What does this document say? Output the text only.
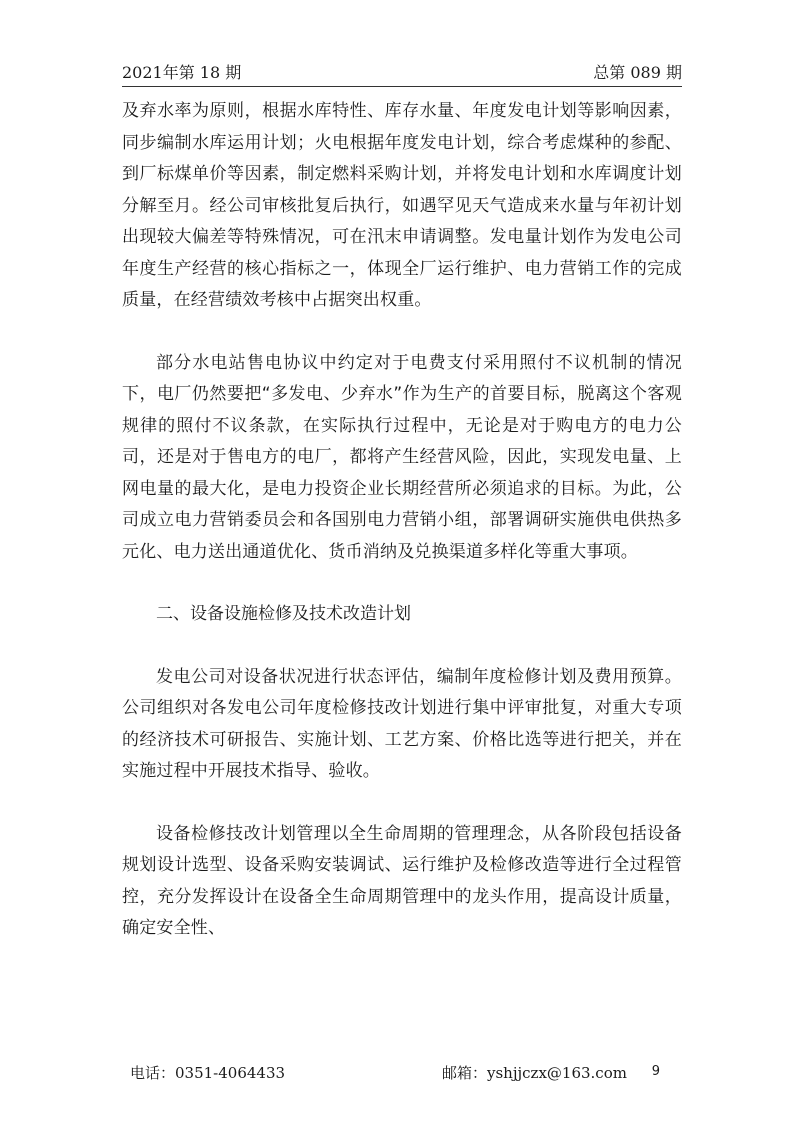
2021年第 18 期	总第 089 期

及弃水率为原则，根据水库特性、库存水量、年度发电计划等影响因素，同步编制水库运用计划；火电根据年度发电计划，综合考虑煤种的参配、到厂标煤单价等因素，制定燃料采购计划，并将发电计划和水库调度计划分解至月。经公司审核批复后执行，如遇罕见天气造成来水量与年初计划出现较大偏差等特殊情况，可在汛末申请调整。发电量计划作为发电公司年度生产经营的核心指标之一，体现全厂运行维护、电力营销工作的完成质量，在经营绩效考核中占据突出权重。

部分水电站售电协议中约定对于电费支付采用照付不议机制的情况下，电厂仍然要把“多发电、少弃水”作为生产的首要目标，脱离这个客观规律的照付不议条款，在实际执行过程中，无论是对于购电方的电力公司，还是对于售电方的电厂，都将产生经营风险，因此，实现发电量、上网电量的最大化，是电力投资企业长期经营所必须追求的目标。为此，公司成立电力营销委员会和各国别电力营销小组，部署调研实施供电供热多元化、电力送出通道优化、货币消纳及兑换渠道多样化等重大事项。

二、设备设施检修及技术改造计划

发电公司对设备状况进行状态评估，编制年度检修计划及费用预算。公司组织对各发电公司年度检修技改计划进行集中评审批复，对重大专项的经济技术可研报告、实施计划、工艺方案、价格比选等进行把关，并在实施过程中开展技术指导、验收。

设备检修技改计划管理以全生命周期的管理理念，从各阶段包括设备规划设计选型、设备采购安装调试、运行维护及检修改造等进行全过程管控，充分发挥设计在设备全生命周期管理中的龙头作用，提高设计质量，确定安全性、

电话：0351-4064433	邮箱：yshjjczx@163.com 9
